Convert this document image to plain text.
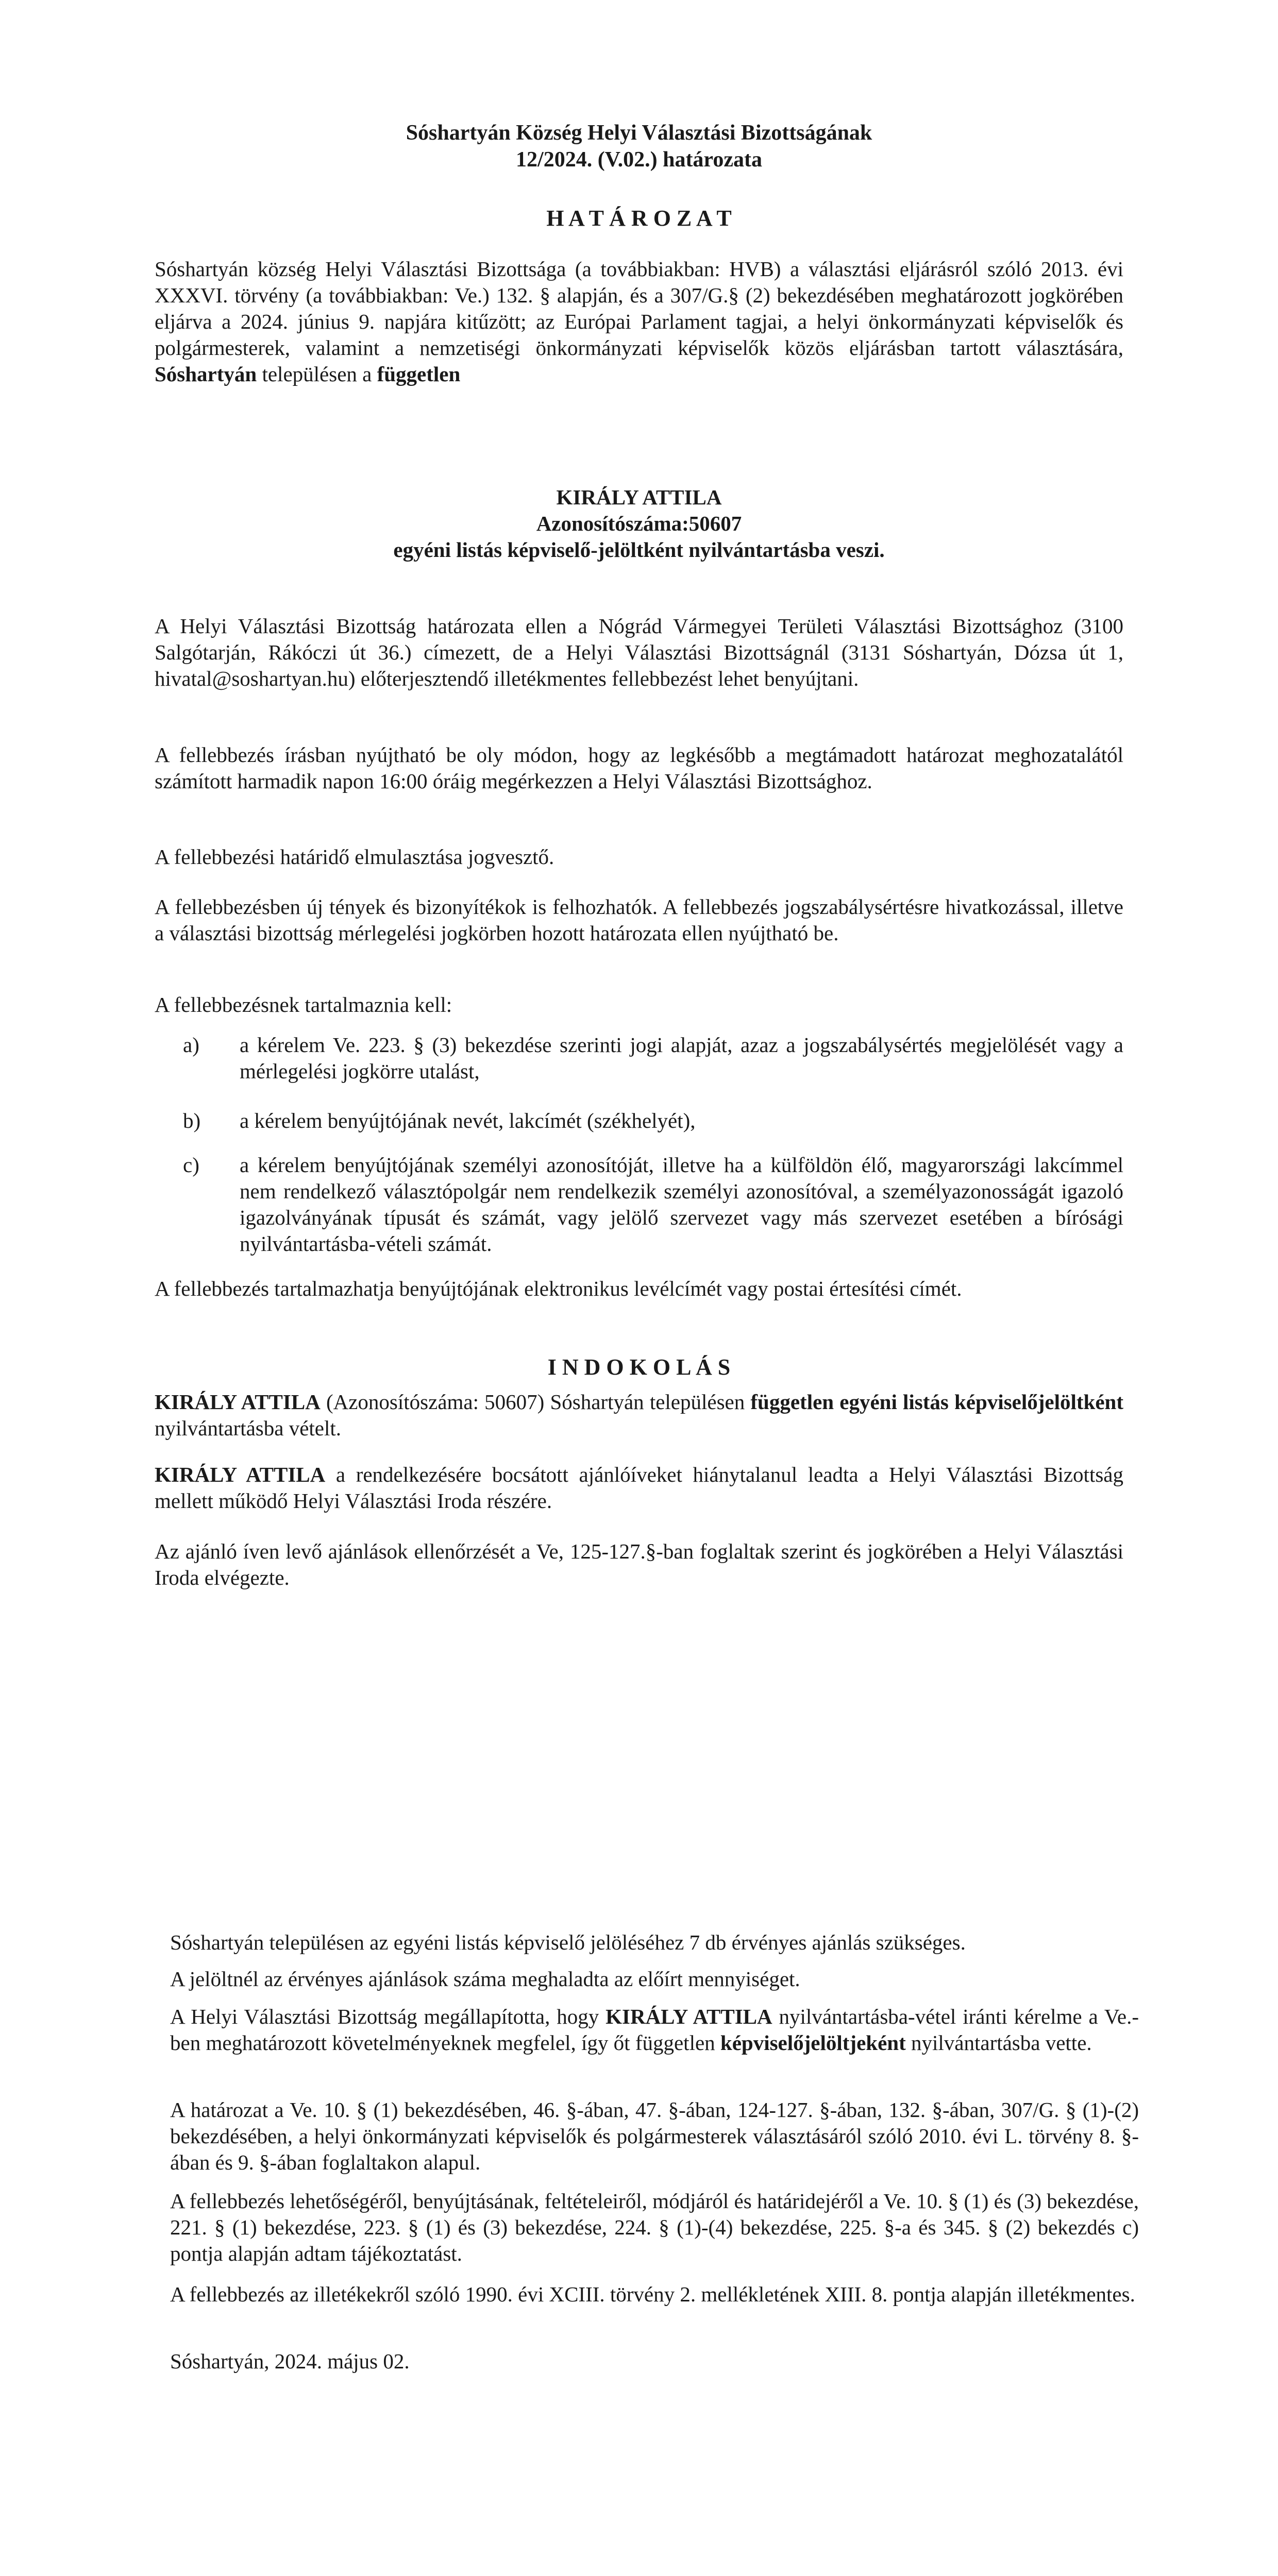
Sóshartyán Község Helyi Választási Bizottságának
12/2024. (V.02.) határozata
H A T Á R O Z A T
Sóshartyán község Helyi Választási Bizottsága (a továbbiakban: HVB) a választási eljárásról szóló 2013. évi XXXVI. törvény (a továbbiakban: Ve.) 132. § alapján, és a 307/G.§ (2) bekezdésében meghatározott jogkörében eljárva a 2024. június 9. napjára kitűzött; az Európai Parlament tagjai, a helyi önkormányzati képviselők és polgármesterek, valamint a nemzetiségi önkormányzati képviselők közös eljárásban tartott választására, Sóshartyán településen a független
KIRÁLY ATTILA
Azonosítószáma:50607
egyéni listás képviselő-jelöltként nyilvántartásba veszi.
A Helyi Választási Bizottság határozata ellen a Nógrád Vármegyei Területi Választási Bizottsághoz (3100 Salgótarján, Rákóczi út 36.) címezett, de a Helyi Választási Bizottságnál (3131 Sóshartyán, Dózsa út 1, hivatal@soshartyan.hu) előterjesztendő illetékmentes fellebbezést lehet benyújtani.
A fellebbezés írásban nyújtható be oly módon, hogy az legkésőbb a megtámadott határozat meghozatalától számított harmadik napon 16:00 óráig megérkezzen a Helyi Választási Bizottsághoz.
A fellebbezési határidő elmulasztása jogvesztő.
A fellebbezésben új tények és bizonyítékok is felhozhatók. A fellebbezés jogszabálysértésre hivatkozással, illetve a választási bizottság mérlegelési jogkörben hozott határozata ellen nyújtható be.
A fellebbezésnek tartalmaznia kell:
a) a kérelem Ve. 223. § (3) bekezdése szerinti jogi alapját, azaz a jogszabálysértés megjelölését vagy a mérlegelési jogkörre utalást,
b) a kérelem benyújtójának nevét, lakcímét (székhelyét),
c) a kérelem benyújtójának személyi azonosítóját, illetve ha a külföldön élő, magyarországi lakcímmel nem rendelkező választópolgár nem rendelkezik személyi azonosítóval, a személyazonosságát igazoló igazolványának típusát és számát, vagy jelölő szervezet vagy más szervezet esetében a bírósági nyilvántartásba-vételi számát.
A fellebbezés tartalmazhatja benyújtójának elektronikus levélcímét vagy postai értesítési címét.
I N D O K O L Á S
KIRÁLY ATTILA (Azonosítószáma: 50607) Sóshartyán településen független egyéni listás képviselőjelöltként nyilvántartásba vételt.
KIRÁLY ATTILA a rendelkezésére bocsátott ajánlóíveket hiánytalanul leadta a Helyi Választási Bizottság mellett működő Helyi Választási Iroda részére.
Az ajánló íven levő ajánlások ellenőrzését a Ve, 125-127.§-ban foglaltak szerint és jogkörében a Helyi Választási Iroda elvégezte.
Sóshartyán településen az egyéni listás képviselő jelöléséhez 7 db érvényes ajánlás szükséges.
A jelöltnél az érvényes ajánlások száma meghaladta az előírt mennyiséget.
A Helyi Választási Bizottság megállapította, hogy KIRÁLY ATTILA nyilvántartásba-vétel iránti kérelme a Ve.-ben meghatározott követelményeknek megfelel, így őt független képviselőjelöltjeként nyilvántartásba vette.
A határozat a Ve. 10. § (1) bekezdésében, 46. §-ában, 47. §-ában, 124-127. §-ában, 132. §-ában, 307/G. § (1)-(2) bekezdésében, a helyi önkormányzati képviselők és polgármesterek választásáról szóló 2010. évi L. törvény 8. §-ában és 9. §-ában foglaltakon alapul.
A fellebbezés lehetőségéről, benyújtásának, feltételeiről, módjáról és határidejéről a Ve. 10. § (1) és (3) bekezdése, 221. § (1) bekezdése, 223. § (1) és (3) bekezdése, 224. § (1)-(4) bekezdése, 225. §-a és 345. § (2) bekezdés c) pontja alapján adtam tájékoztatást.
A fellebbezés az illetékekről szóló 1990. évi XCIII. törvény 2. mellékletének XIII. 8. pontja alapján illetékmentes.
Sóshartyán, 2024. május 02.
